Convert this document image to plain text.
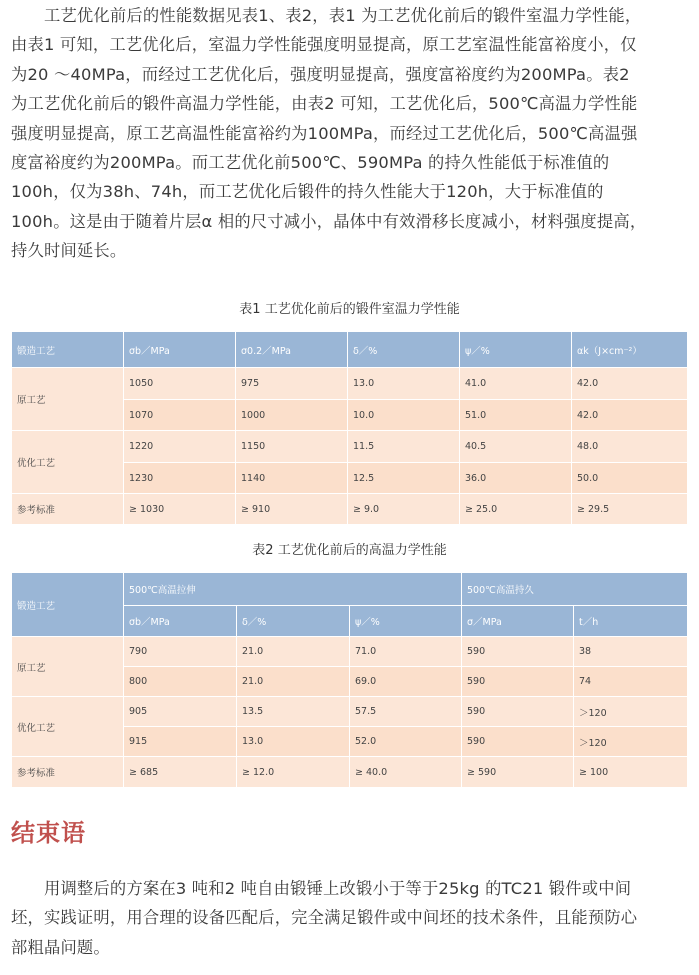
　　工艺优化前后的性能数据见表1、表2，表1 为工艺优化前后的锻件室温力学性能，
由表1 可知，工艺优化后，室温力学性能强度明显提高，原工艺室温性能富裕度小，仅
为20 ～40MPa，而经过工艺优化后，强度明显提高，强度富裕度约为200MPa。表2
为工艺优化前后的锻件高温力学性能，由表2 可知，工艺优化后，500℃高温力学性能
强度明显提高，原工艺高温性能富裕约为100MPa，而经过工艺优化后，500℃高温强
度富裕度约为200MPa。而工艺优化前500℃、590MPa 的持久性能低于标准值的
100h，仅为38h、74h，而工艺优化后锻件的持久性能大于120h，大于标准值的
100h。这是由于随着片层α 相的尺寸减小，晶体中有效滑移长度减小，材料强度提高，
持久时间延长。
表1 工艺优化前后的锻件室温力学性能
锻造工艺	σb／MPa	σ0.2／MPa	δ／%	ψ／%	αk（J×cm⁻²）
原工艺	1050	975	13.0	41.0	42.0
	1070	1000	10.0	51.0	42.0
优化工艺	1220	1150	11.5	40.5	48.0
	1230	1140	12.5	36.0	50.0
参考标准	≥ 1030	≥ 910	≥ 9.0	≥ 25.0	≥ 29.5
表2 工艺优化前后的高温力学性能
锻造工艺	500℃高温拉伸			500℃高温持久	
	σb／MPa	δ／%	ψ／%	σ／MPa	t／h
原工艺	790	21.0	71.0	590	38
	800	21.0	69.0	590	74
优化工艺	905	13.5	57.5	590	＞120
	915	13.0	52.0	590	＞120
参考标准	≥ 685	≥ 12.0	≥ 40.0	≥ 590	≥ 100
结束语
　　用调整后的方案在3 吨和2 吨自由锻锤上改锻小于等于25kg 的TC21 锻件或中间
坯，实践证明，用合理的设备匹配后，完全满足锻件或中间坯的技术条件，且能预防心
部粗晶问题。
